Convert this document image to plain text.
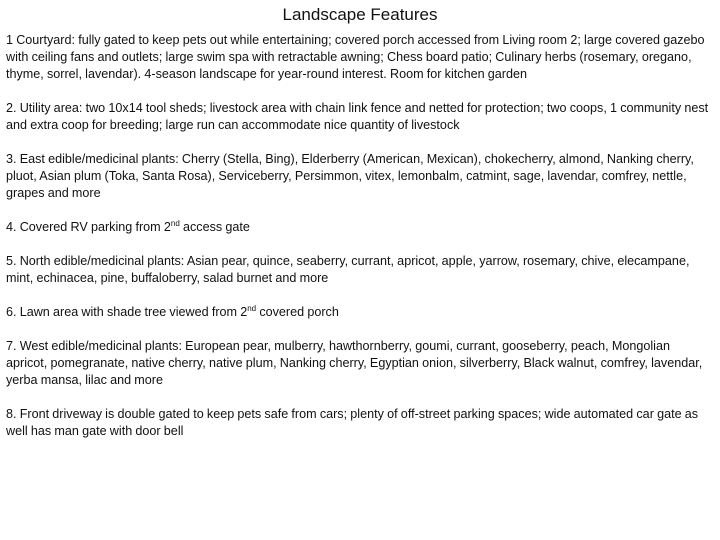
Landscape Features

1 Courtyard: fully gated to keep pets out while entertaining; covered porch accessed from Living room 2; large covered gazebo with ceiling fans and outlets; large swim spa with retractable awning; Chess board patio; Culinary herbs (rosemary, oregano, thyme, sorrel, lavendar). 4-season landscape for year-round interest. Room for kitchen garden

2. Utility area: two 10x14 tool sheds; livestock area with chain link fence and netted for protection; two coops, 1 community nest and extra coop for breeding; large run can accommodate nice quantity of livestock

3. East edible/medicinal plants: Cherry (Stella, Bing), Elderberry (American, Mexican), chokecherry, almond, Nanking cherry, pluot, Asian plum (Toka, Santa Rosa), Serviceberry, Persimmon, vitex, lemonbalm, catmint, sage, lavendar, comfrey, nettle, grapes and more

4. Covered RV parking from 2nd access gate

5. North edible/medicinal plants: Asian pear, quince, seaberry, currant, apricot, apple, yarrow, rosemary, chive, elecampane, mint, echinacea, pine, buffaloberry, salad burnet and more

6. Lawn area with shade tree viewed from 2nd covered porch

7. West edible/medicinal plants: European pear, mulberry, hawthornberry, goumi, currant, gooseberry, peach, Mongolian apricot, pomegranate, native cherry, native plum, Nanking cherry, Egyptian onion, silverberry, Black walnut, comfrey, lavendar, yerba mansa, lilac and more

8. Front driveway is double gated to keep pets safe from cars; plenty of off-street parking spaces; wide automated car gate as well has man gate with door bell
